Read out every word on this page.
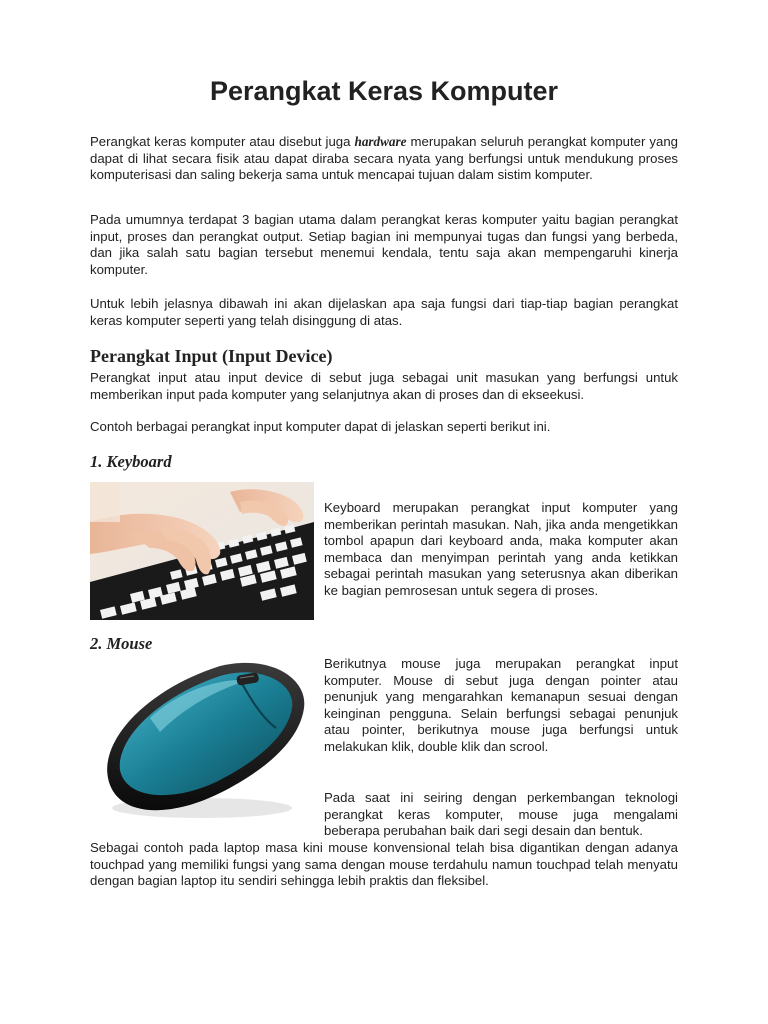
Perangkat Keras Komputer

Perangkat keras komputer atau disebut juga hardware merupakan seluruh perangkat komputer yang dapat di lihat secara fisik atau dapat diraba secara nyata yang berfungsi untuk mendukung proses komputerisasi dan saling bekerja sama untuk mencapai tujuan dalam sistim komputer.

Pada umumnya terdapat 3 bagian utama dalam perangkat keras komputer yaitu bagian perangkat input, proses dan perangkat output. Setiap bagian ini mempunyai tugas dan fungsi yang berbeda, dan jika salah satu bagian tersebut menemui kendala, tentu saja akan mempengaruhi kinerja komputer.

Untuk lebih jelasnya dibawah ini akan dijelaskan apa saja fungsi dari tiap-tiap bagian perangkat keras komputer seperti yang telah disinggung di atas.

Perangkat Input (Input Device)

Perangkat input atau input device di sebut juga sebagai unit masukan yang berfungsi untuk memberikan input pada komputer yang selanjutnya akan di proses dan di ekseekusi.

Contoh berbagai perangkat input komputer dapat di jelaskan seperti berikut ini.

1. Keyboard

Keyboard merupakan perangkat input komputer yang memberikan perintah masukan. Nah, jika anda mengetikkan tombol apapun dari keyboard anda, maka komputer akan membaca dan menyimpan perintah yang anda ketikkan sebagai perintah masukan yang seterusnya akan diberikan ke bagian pemrosesan untuk segera di proses.

2. Mouse

Berikutnya mouse juga merupakan perangkat input komputer. Mouse di sebut juga dengan pointer atau penunjuk yang mengarahkan kemanapun sesuai dengan keinginan pengguna. Selain berfungsi sebagai penunjuk atau pointer, berikutnya mouse juga berfungsi untuk melakukan klik, double klik dan scrool.

Pada saat ini seiring dengan perkembangan teknologi perangkat keras komputer, mouse juga mengalami beberapa perubahan baik dari segi desain dan bentuk.

Sebagai contoh pada laptop masa kini mouse konvensional telah bisa digantikan dengan adanya touchpad yang memiliki fungsi yang sama dengan mouse terdahulu namun touchpad telah menyatu dengan bagian laptop itu sendiri sehingga lebih praktis dan fleksibel.
